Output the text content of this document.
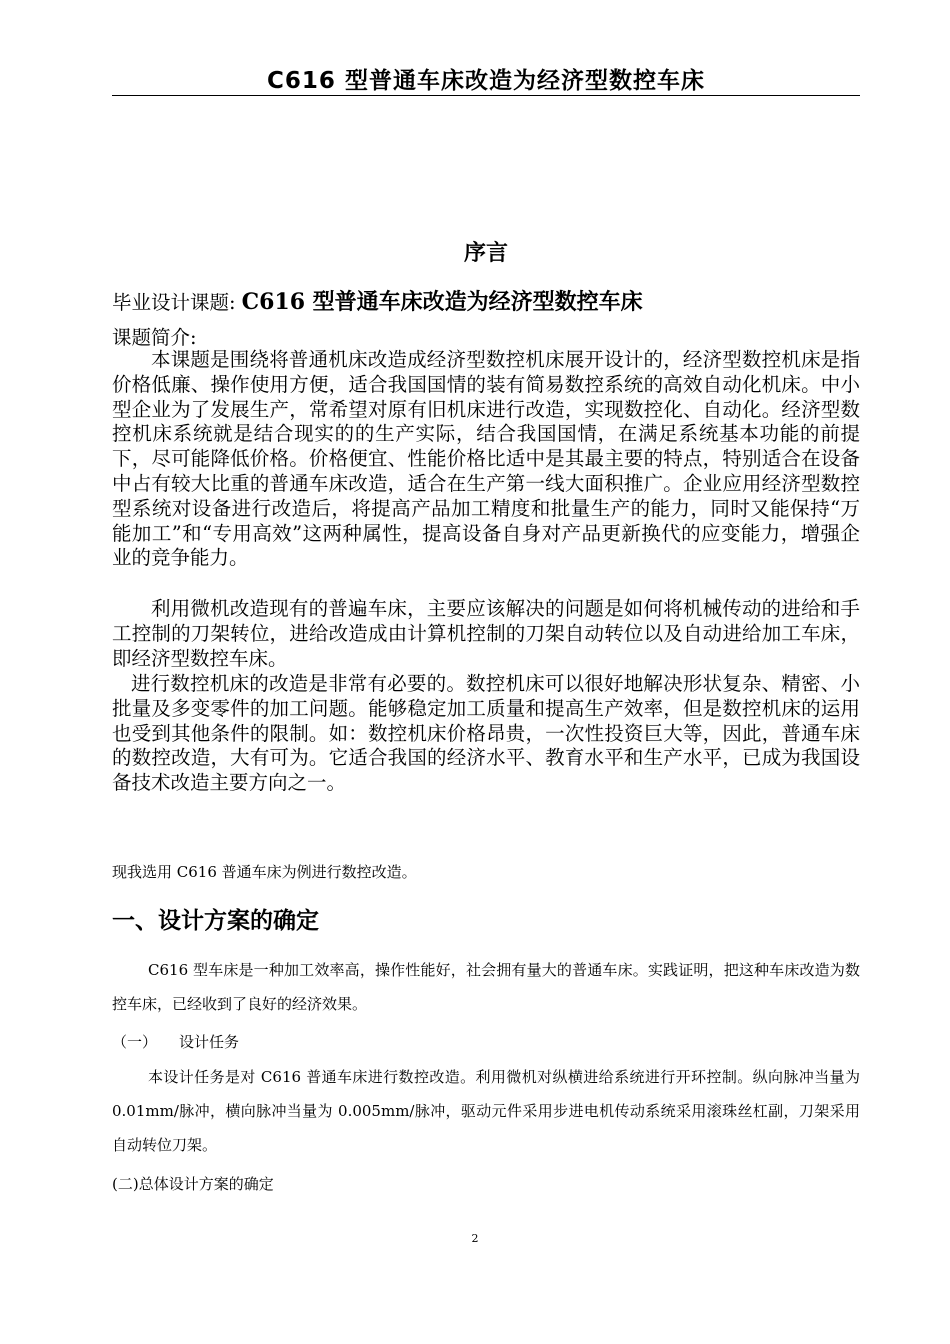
C616 型普通车床改造为经济型数控车床
序言
毕业设计课题: C616 型普通车床改造为经济型数控车床
课题简介:

本课题是围绕将普通机床改造成经济型数控机床展开设计的，经济型数控机床是指价格低廉、操作使用方便，适合我国国情的装有简易数控系统的高效自动化机床。中小型企业为了发展生产，常希望对原有旧机床进行改造，实现数控化、自动化。经济型数控机床系统就是结合现实的的生产实际，结合我国国情，在满足系统基本功能的前提下，尽可能降低价格。价格便宜、性能价格比适中是其最主要的特点，特别适合在设备中占有较大比重的普通车床改造，适合在生产第一线大面积推广。企业应用经济型数控型系统对设备进行改造后，将提高产品加工精度和批量生产的能力，同时又能保持“万能加工”和“专用高效”这两种属性，提高设备自身对产品更新换代的应变能力，增强企业的竞争能力。

利用微机改造现有的普遍车床，主要应该解决的问题是如何将机械传动的进给和手工控制的刀架转位，进给改造成由计算机控制的刀架自动转位以及自动进给加工车床，即经济型数控车床。

进行数控机床的改造是非常有必要的。数控机床可以很好地解决形状复杂、精密、小批量及多变零件的加工问题。能够稳定加工质量和提高生产效率，但是数控机床的运用也受到其他条件的限制。如：数控机床价格昂贵，一次性投资巨大等，因此，普通车床的数控改造，大有可为。它适合我国的经济水平、教育水平和生产水平，已成为我国设备技术改造主要方向之一。

现我选用 C616 普通车床为例进行数控改造。
一、设计方案的确定
C616 型车床是一种加工效率高，操作性能好，社会拥有量大的普通车床。实践证明，把这种车床改造为数控车床，已经收到了良好的经济效果。
（一） 设计任务
本设计任务是对 C616 普通车床进行数控改造。利用微机对纵横进给系统进行开环控制。纵向脉冲当量为 0.01mm/脉冲，横向脉冲当量为 0.005mm/脉冲，驱动元件采用步进电机传动系统采用滚珠丝杠副，刀架采用自动转位刀架。
(二)总体设计方案的确定
2
